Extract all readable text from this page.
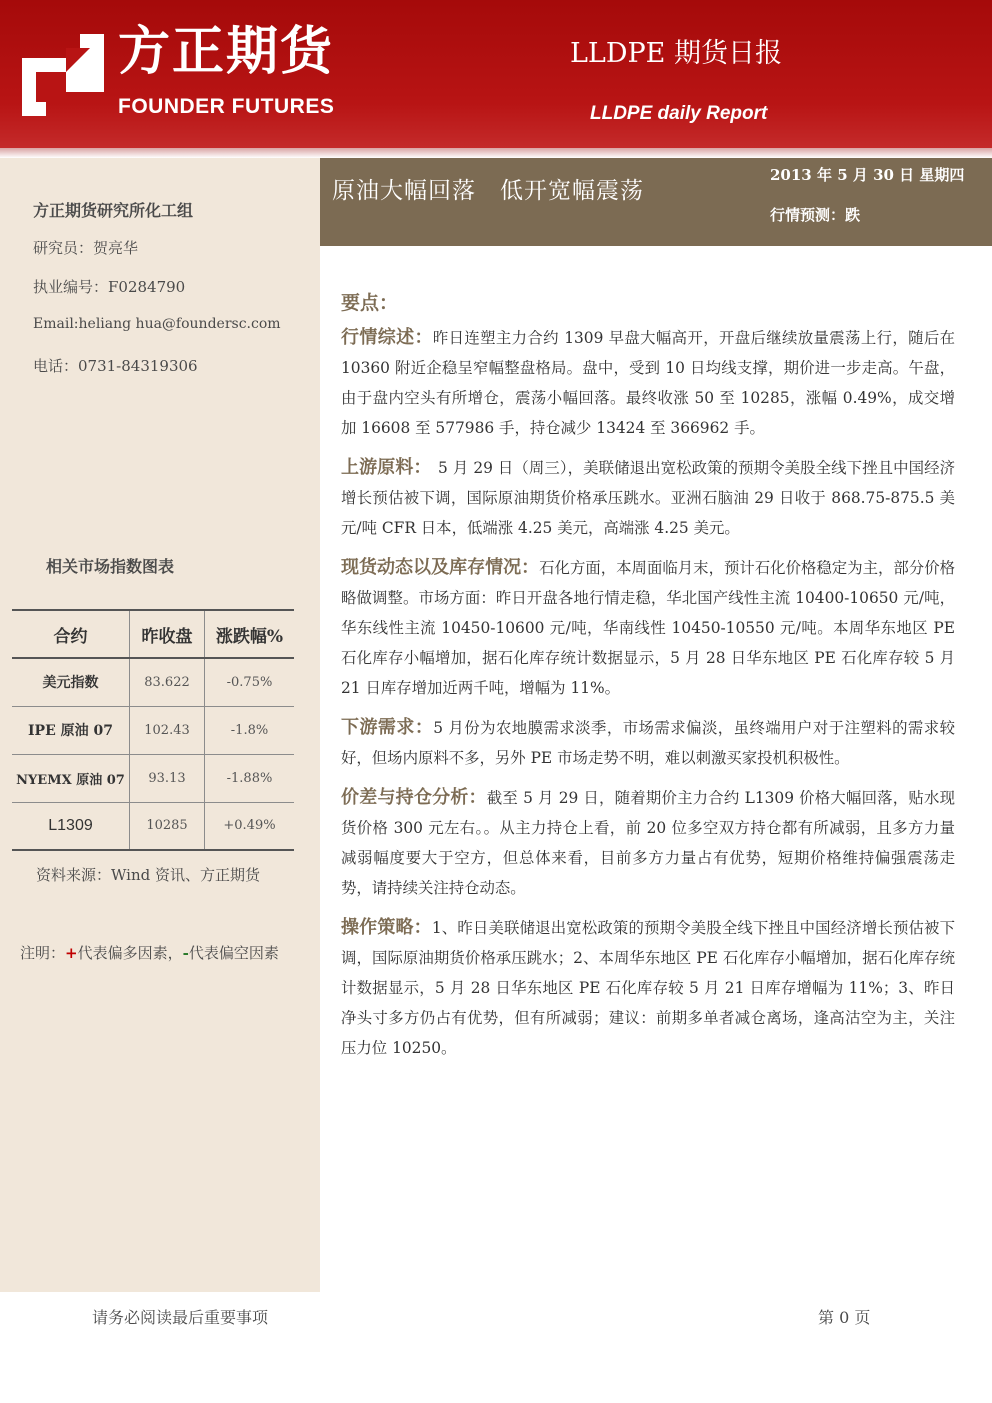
方正期货
FOUNDER FUTURES
LLDPE 期货日报
LLDPE daily Report
方正期货研究所化工组
研究员：贺亮华
执业编号：F0284790
Email:heliang hua@foundersc.com
电话：0731-84319306
相关市场指数图表
合约	昨收盘	涨跌幅%
美元指数	83.622	-0.75%
IPE 原油 07	102.43	-1.8%
NYEMX 原油 07	93.13	-1.88%
L1309	10285	+0.49%
资料来源：Wind 资讯、方正期货
注明：+代表偏多因素，-代表偏空因素
原油大幅回落　低开宽幅震荡
2013 年 5 月 30 日 星期四
行情预测：跌
要点：

行情综述：昨日连塑主力合约 1309 早盘大幅高开，开盘后继续放量震荡上行，随后在 10360 附近企稳呈窄幅整盘格局。盘中，受到 10 日均线支撑，期价进一步走高。午盘，由于盘内空头有所增仓，震荡小幅回落。最终收涨 50 至 10285，涨幅 0.49%，成交增加 16608 至 577986 手，持仓减少 13424 至 366962 手。

上游原料：　5 月 29 日（周三），美联储退出宽松政策的预期令美股全线下挫且中国经济增长预估被下调，国际原油期货价格承压跳水。亚洲石脑油 29 日收于 868.75-875.5 美元/吨 CFR 日本，低端涨 4.25 美元，高端涨 4.25 美元。

现货动态以及库存情况：石化方面，本周面临月末，预计石化价格稳定为主，部分价格略做调整。市场方面：昨日开盘各地行情走稳，华北国产线性主流 10400-10650 元/吨，华东线性主流 10450-10600 元/吨，华南线性 10450-10550 元/吨。本周华东地区 PE 石化库存小幅增加，据石化库存统计数据显示，5 月 28 日华东地区 PE 石化库存较 5 月 21 日库存增加近两千吨，增幅为 11%。

下游需求：5 月份为农地膜需求淡季，市场需求偏淡，虽终端用户对于注塑料的需求较好，但场内原料不多，另外 PE 市场走势不明，难以刺激买家投机积极性。

价差与持仓分析：截至 5 月 29 日，随着期价主力合约 L1309 价格大幅回落，贴水现货价格 300 元左右。。从主力持仓上看，前 20 位多空双方持仓都有所减弱，且多方力量减弱幅度要大于空方，但总体来看，目前多方力量占有优势，短期价格维持偏强震荡走势，请持续关注持仓动态。

操作策略：1、昨日美联储退出宽松政策的预期令美股全线下挫且中国经济增长预估被下调，国际原油期货价格承压跳水；2、本周华东地区 PE 石化库存小幅增加，据石化库存统计数据显示，5 月 28 日华东地区 PE 石化库存较 5 月 21 日库存增幅为 11%；3、昨日净头寸多方仍占有优势，但有所减弱；建议：前期多单者减仓离场，逢高沽空为主，关注压力位 10250。

请务必阅读最后重要事项	第 0 页
